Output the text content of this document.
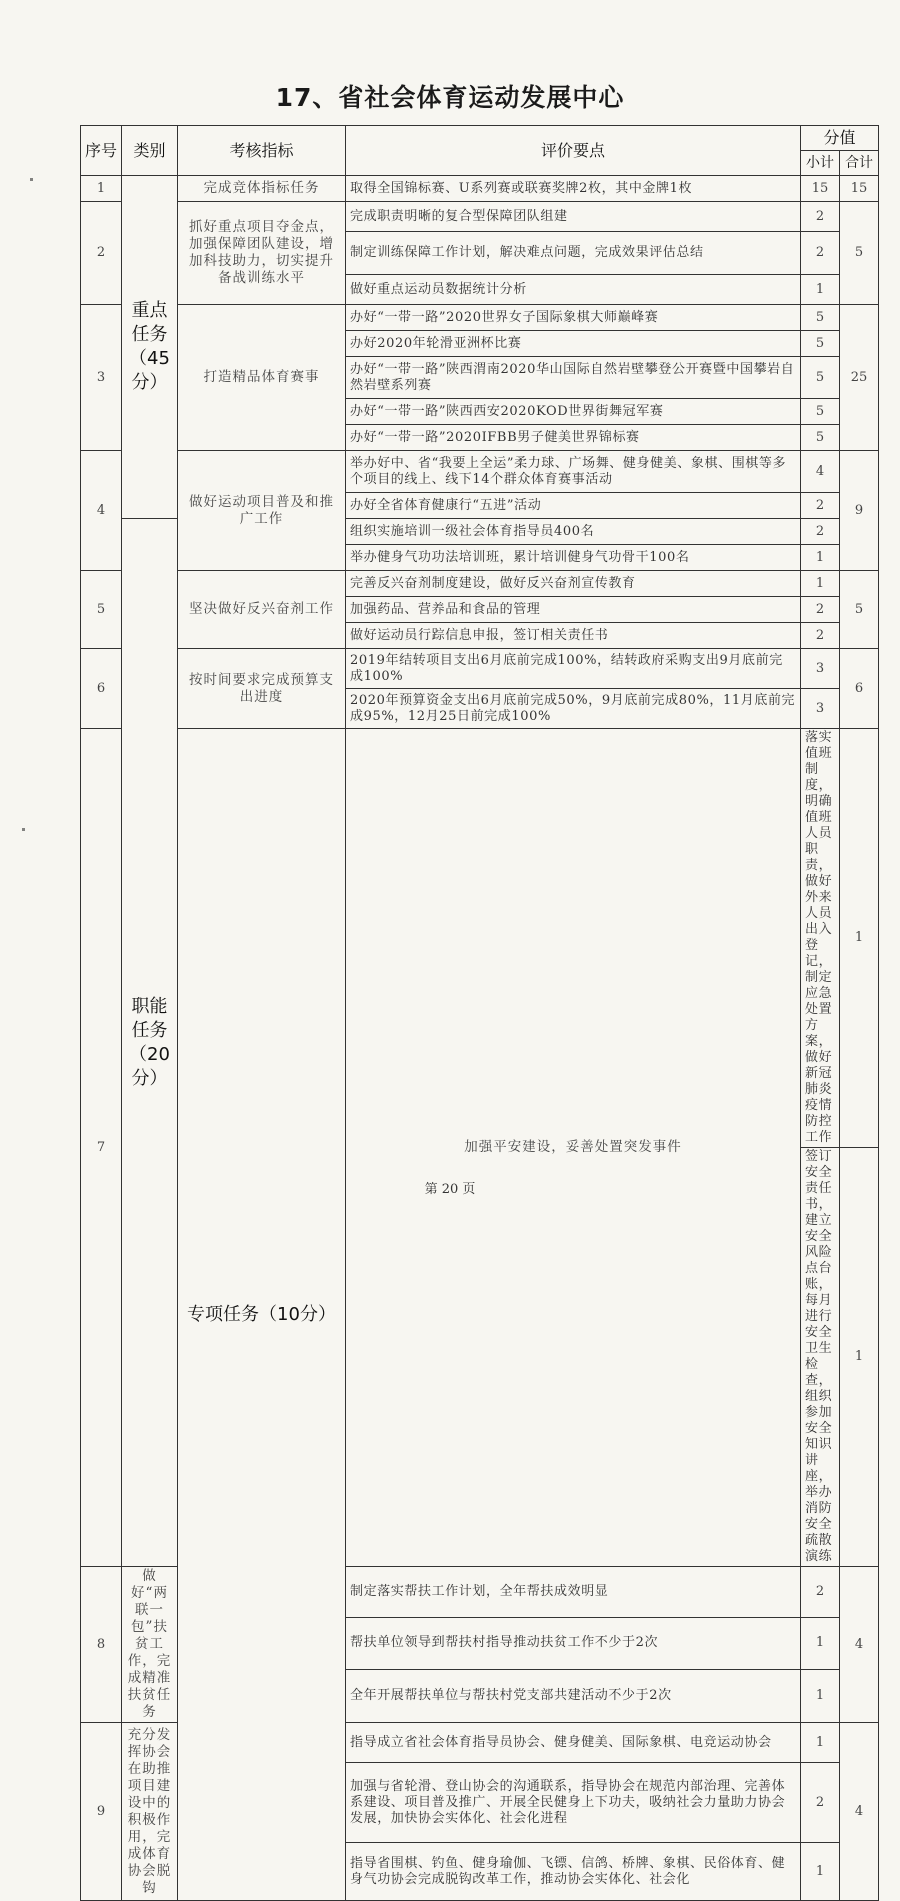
17、省社会体育运动发展中心
序号	类别	考核指标	评价要点	分值		
				小计	合计	
1	重点任务（45分）	完成竞体指标任务	取得全国锦标赛、U系列赛或联赛奖牌2枚，其中金牌1枚	15	15	
2		抓好重点项目夺金点，加强保障团队建设，增加科技助力，切实提升备战训练水平	完成职责明晰的复合型保障团队组建	2	5	
			制定训练保障工作计划，解决难点问题，完成效果评估总结	2		
			做好重点运动员数据统计分析	1		
3		打造精品体育赛事	办好“一带一路”2020世界女子国际象棋大师巅峰赛	5	25	
			办好2020年轮滑亚洲杯比赛	5		
			办好“一带一路”陕西渭南2020华山国际自然岩壁攀登公开赛暨中国攀岩自然岩壁系列赛	5		
			办好“一带一路”陕西西安2020KOD世界街舞冠军赛	5		
			办好“一带一路”2020IFBB男子健美世界锦标赛	5		
4		做好运动项目普及和推广工作	举办好中、省“我要上全运”柔力球、广场舞、健身健美、象棋、围棋等多个项目的线上、线下14个群众体育赛事活动	4	9	
			办好全省体育健康行“五进”活动	2		
	职能任务（20分）		组织实施培训一级社会体育指导员400名	2		
			举办健身气功功法培训班，累计培训健身气功骨干100名	1		
5		坚决做好反兴奋剂工作	完善反兴奋剂制度建设，做好反兴奋剂宣传教育	1	5	
			加强药品、营养品和食品的管理	2		
			做好运动员行踪信息申报，签订相关责任书	2		
6		按时间要求完成预算支出进度	2019年结转项目支出6月底前完成100%，结转政府采购支出9月底前完成100%	3	6	
			2020年预算资金支出6月底前完成50%，9月底前完成80%，11月底前完成95%，12月25日前完成100%	3		
7		专项任务（10分）	加强平安建设，妥善处置突发事件	落实值班制度，明确值班人员职责，做好外来人员出入登记，制定应急处置方案，做好新冠肺炎疫情防控工作	1	
				签订安全责任书，建立安全风险点台账，每月进行安全卫生检查，组织参加安全知识讲座，举办消防安全疏散演练	1	
8	做好“两联一包”扶贫工作，完成精准扶贫任务		制定落实帮扶工作计划，全年帮扶成效明显	2	4	
			帮扶单位领导到帮扶村指导推动扶贫工作不少于2次	1		
			全年开展帮扶单位与帮扶村党支部共建活动不少于2次	1		
9	充分发挥协会在助推项目建设中的积极作用，完成体育协会脱钩		指导成立省社会体育指导员协会、健身健美、国际象棋、电竞运动协会	1	4	
			加强与省轮滑、登山协会的沟通联系，指导协会在规范内部治理、完善体系建设、项目普及推广、开展全民健身上下功夫，吸纳社会力量助力协会发展，加快协会实体化、社会化进程	2		
			指导省围棋、钓鱼、健身瑜伽、飞镖、信鸽、桥牌、象棋、民俗体育、健身气功协会完成脱钩改革工作，推动协会实体化、社会化	1		
第 20 页
